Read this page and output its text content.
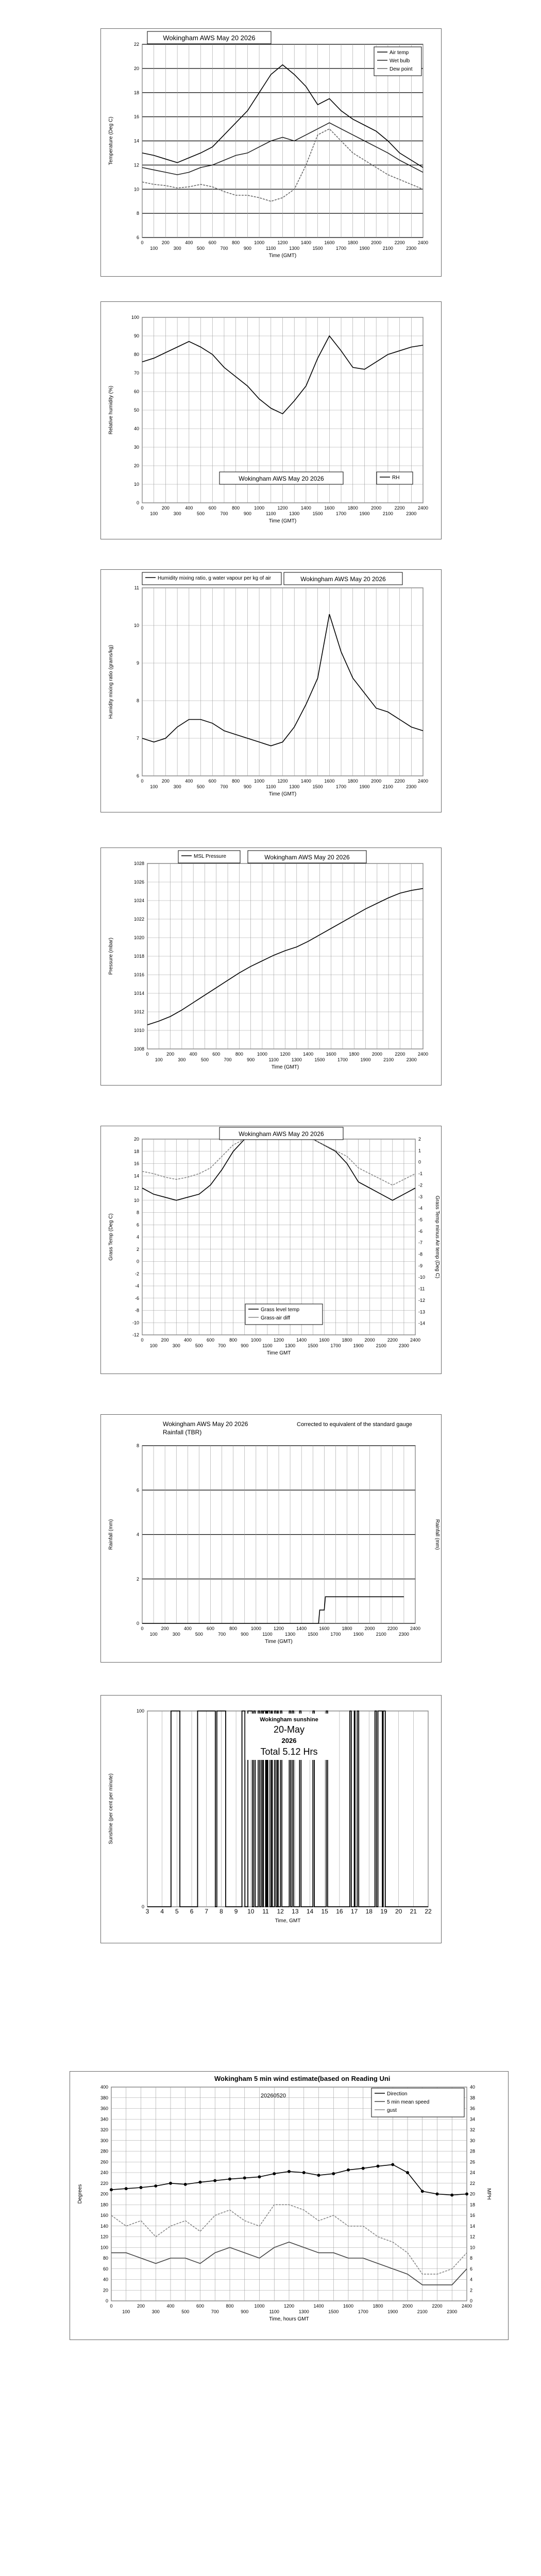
6
8
10
12
14
16
18
20
22
0
100
200
300
400
500
600
700
800
900
1000
1100
1200
1300
1400
1500
1600
1700
1800
1900
2000
2100
2200
2300
2400
Time (GMT)
Temperature (Deg C)
Wokingham AWS May 20 2026
Air temp
Wet bulb
Dew point
0
10
20
30
40
50
60
70
80
90
100
0
100
200
300
400
500
600
700
800
900
1000
1100
1200
1300
1400
1500
1600
1700
1800
1900
2000
2100
2200
2300
2400
Time (GMT)
Relative humidity (%)
Wokingham AWS May 20 2026	RH
6
7
8
9
10
11
0
100
200
300
400
500
600
700
800
900
1000
1100
1200
1300
1400
1500
1600
1700
1800
1900
2000
2100
2200
2300
2400
Time (GMT)
Humidity mixing ratio (grams/kg)
Humidity mixing ratio, g water vapour per kg of air	Wokingham AWS May 20 2026
1008
1010
1012
1014
1016
1018
1020
1022
1024
1026
1028
0
100
200
300
400
500
600
700
800
900
1000
1100
1200
1300
1400
1500
1600
1700
1800
1900
2000
2100
2200
2300
2400
Time (GMT)
Pressure (mbar)
MSL Pressure	Wokingham AWS May 20 2026
-12
-10
-8
-6
-4
-2
0
2
4
6
8
10
12
14
16
18
20
0
100
200
300
400
500
600
700
800
900
1000
1100
1200
1300
1400
1500
1600
1700
1800
1900
2000
2100
2200
2300
2400
-14
-13
-12
-11
-10
-9
-8
-7
-6
-5
-4
-3
-2
-1
0
1
2
Time GMT
Grass Temp (Deg C)	Grass Temp minus Air temp (Deg C)
Wokingham AWS May 20 2026
Grass level temp
Grass-air diff
0
2
4
6
8
0
100
200
300
400
500
600
700
800
900
1000
1100
1200
1300
1400
1500
1600
1700
1800
1900
2000
2100
2200
2300
2400
Time (GMT)
Rainfall (mm)	Rainfall (mm)
Wokingham AWS May 20 2026
Rainfall (TBR)
Corrected to equivalent of the standard gauge
0
100
3 4 5 6 7 8 9 10 11 12 13 14 15 16 17 18 19 20 21 22
Time, GMT
Sunshine (per cent per minute)
Wokingham sunshine
20-May
2026
Total 5.12 Hrs
0
20
40
60
80
100
120
140
160
180
200
220
240
260
280
300
320
340
360
380
400
0
100
200
300
400
500
600
700
800
900
1000
1100
1200
1300
1400
1500
1600
1700
1800
1900
2000
2100
2200
2300
2400
0
2
4
6
8
10
12
14
16
18
20
22
24
26
28
30
32
34
36
38
40
Time, hours GMT
Degrees	MPH
Wokingham 5 min wind estimate(based on Reading Uni
20260520	Direction
5 min mean speed
gust
